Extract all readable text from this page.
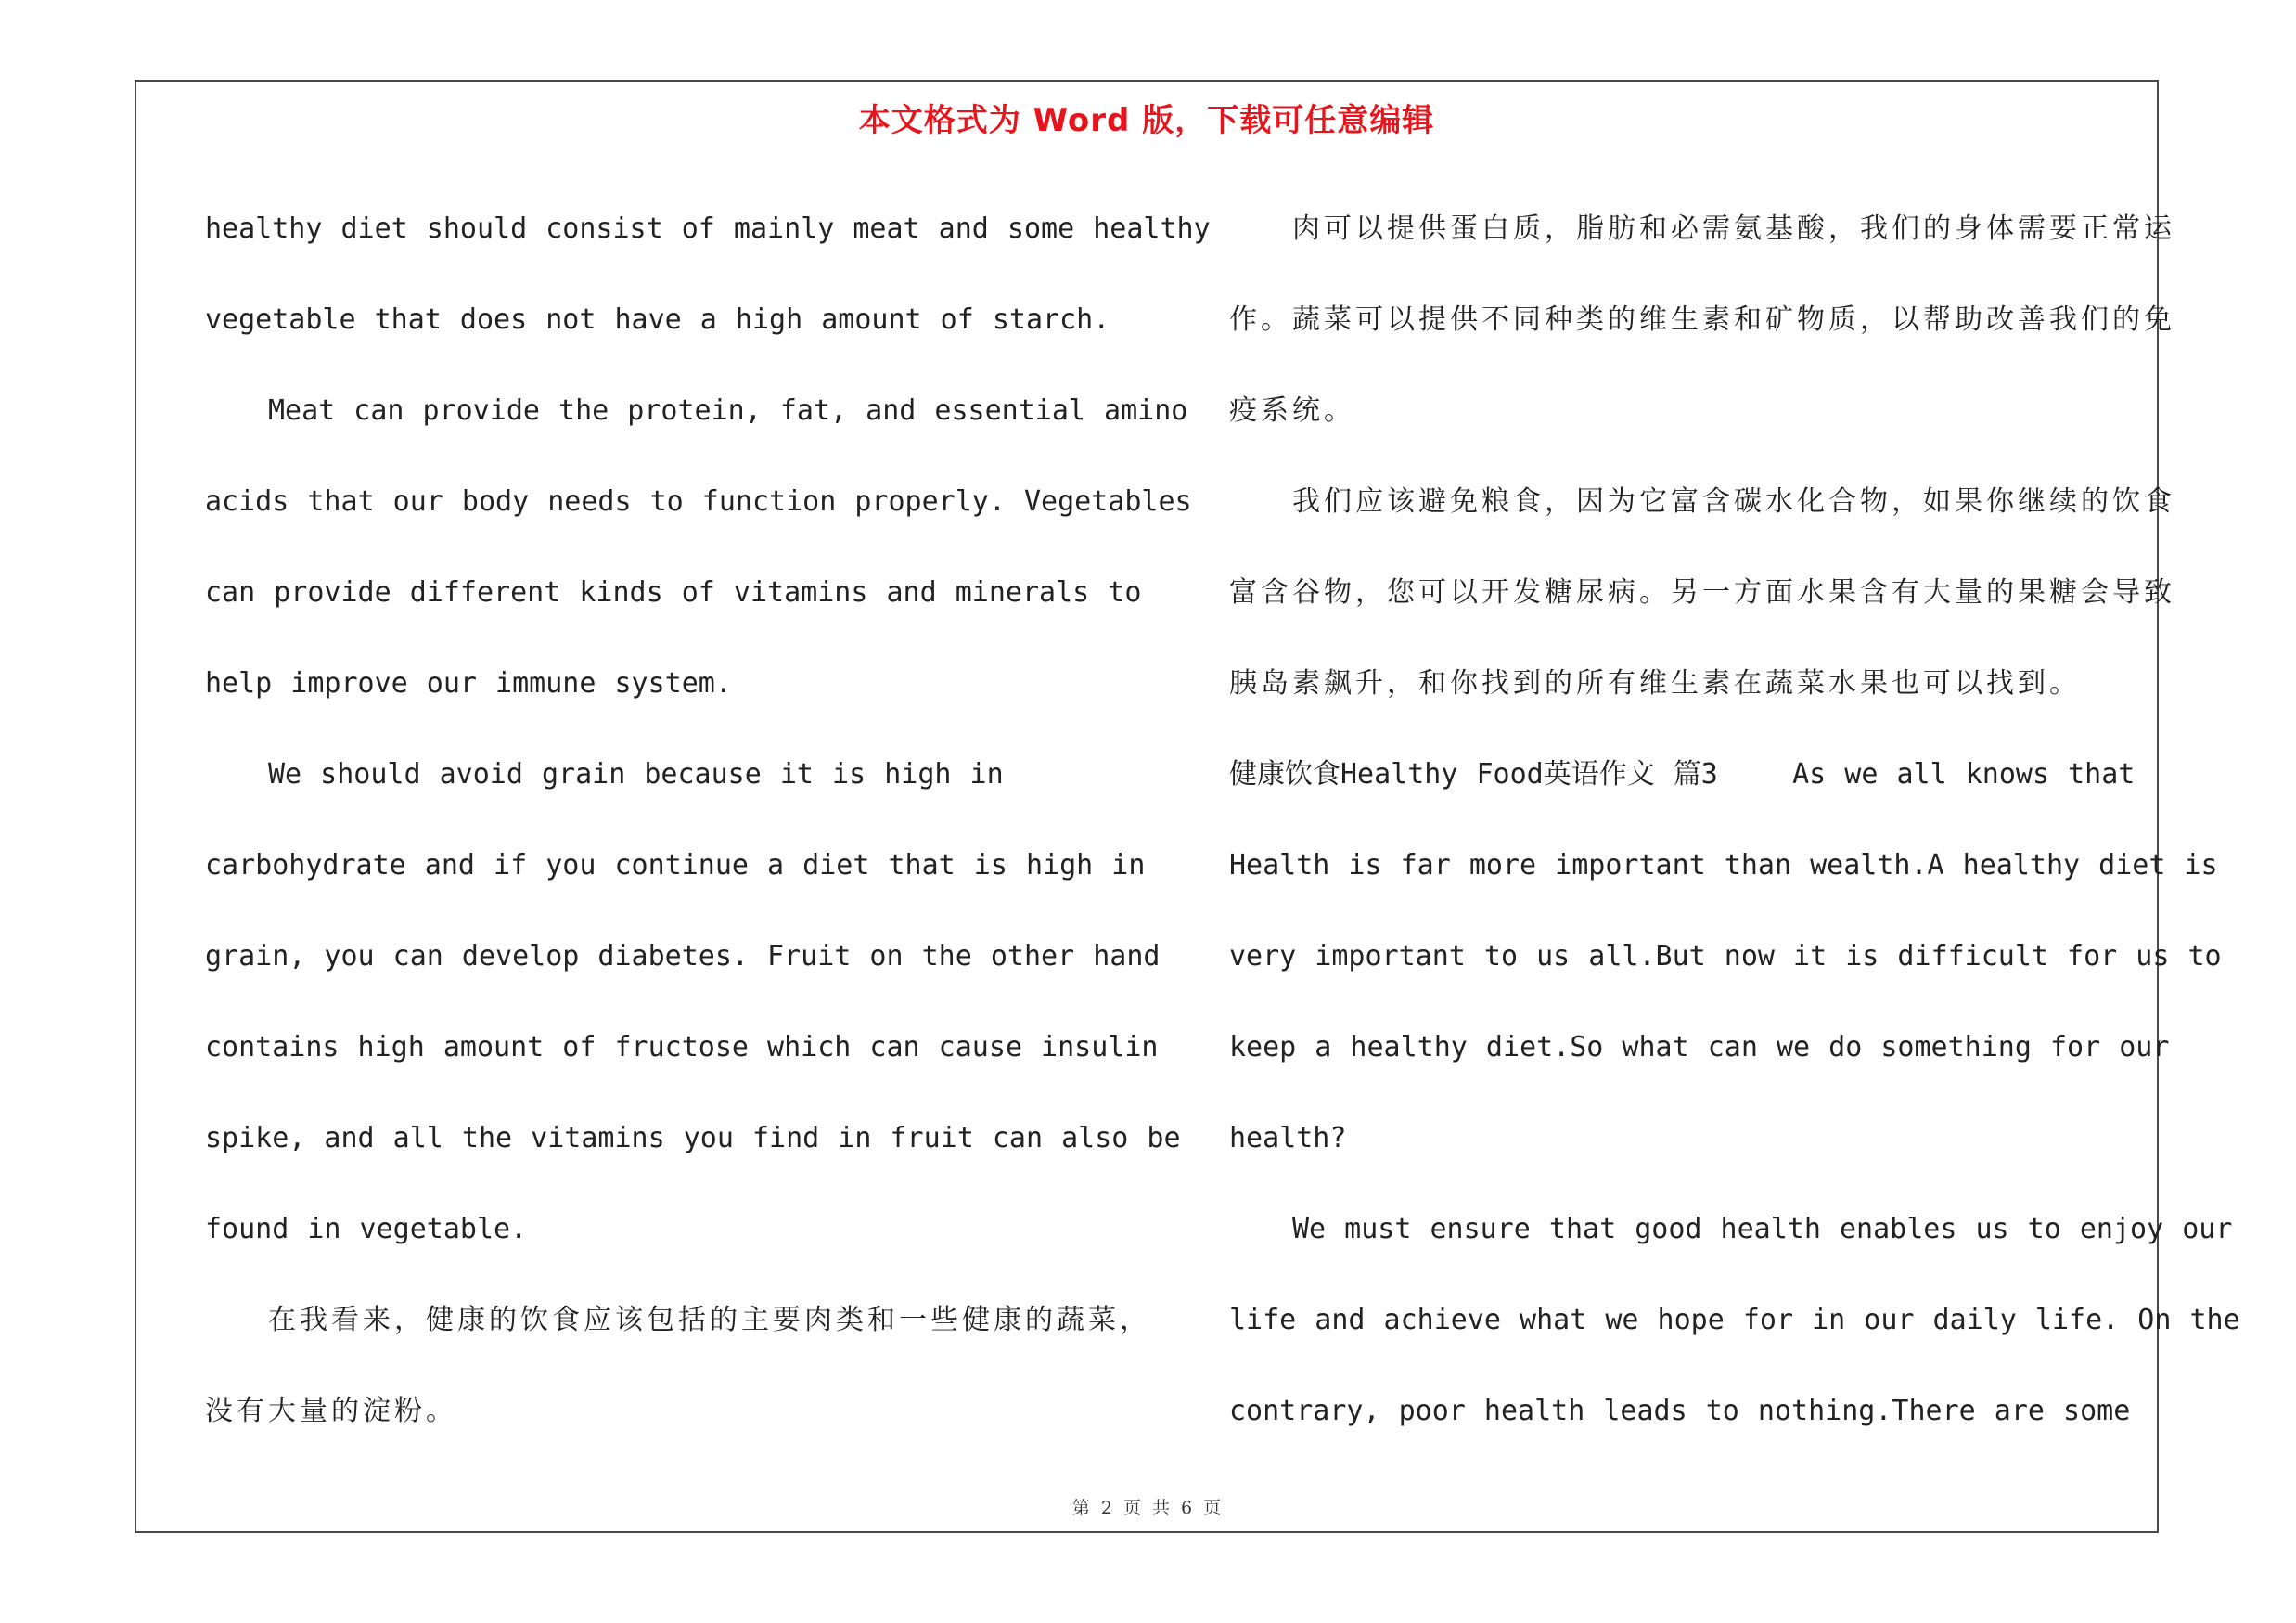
本文格式为 Word 版，下载可任意编辑
healthy diet should consist of mainly meat and some healthy
vegetable that does not have a high amount of starch.
Meat can provide the protein, fat, and essential amino
acids that our body needs to function properly. Vegetables
can provide different kinds of vitamins and minerals to
help improve our immune system.
We should avoid grain because it is high in
carbohydrate and if you continue a diet that is high in
grain, you can develop diabetes. Fruit on the other hand
contains high amount of fructose which can cause insulin
spike, and all the vitamins you find in fruit can also be
found in vegetable.
在我看来，健康的饮食应该包括的主要肉类和一些健康的蔬菜，
没有大量的淀粉。
肉可以提供蛋白质，脂肪和必需氨基酸，我们的身体需要正常运
作。蔬菜可以提供不同种类的维生素和矿物质，以帮助改善我们的免
疫系统。
我们应该避免粮食，因为它富含碳水化合物，如果你继续的饮食
富含谷物，您可以开发糖尿病。另一方面水果含有大量的果糖会导致
胰岛素飙升，和你找到的所有维生素在蔬菜水果也可以找到。
健康饮食Healthy Food英语作文 篇3    As we all knows that
Health is far more important than wealth.A healthy diet is
very important to us all.But now it is difficult for us to
keep a healthy diet.So what can we do something for our
health?
We must ensure that good health enables us to enjoy our
life and achieve what we hope for in our daily life. On the
contrary, poor health leads to nothing.There are some
第 2 页 共 6 页
